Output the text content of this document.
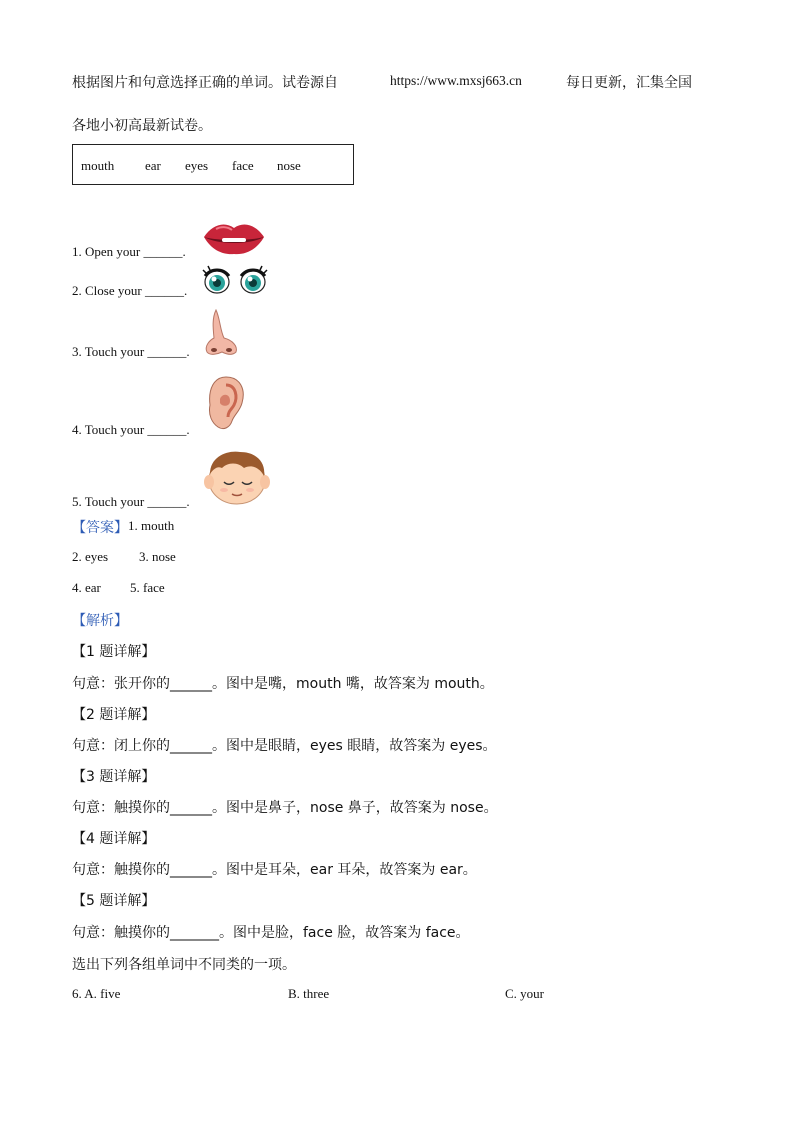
根据图片和句意选择正确的单词。试卷源自	https://www.mxsj663.cn	每日更新，汇集全国
各地小初高最新试卷。
mouth ear eyes face nose
1. Open your ______.
2. Close your ______.
3. Touch your ______.
4. Touch your ______.
5. Touch your ______.
【答案】 1. mouth
2. eyes 3. nose
4. ear 5. face
【解析】
【1 题详解】
句意：张开你的______。图中是嘴，mouth 嘴，故答案为 mouth。
【2 题详解】
句意：闭上你的______。图中是眼睛，eyes 眼睛，故答案为 eyes。
【3 题详解】
句意：触摸你的______。图中是鼻子，nose 鼻子，故答案为 nose。
【4 题详解】
句意：触摸你的______。图中是耳朵，ear 耳朵，故答案为 ear。
【5 题详解】
句意：触摸你的_______。图中是脸，face 脸，故答案为 face。
选出下列各组单词中不同类的一项。
6. A. five	B. three	C. your
